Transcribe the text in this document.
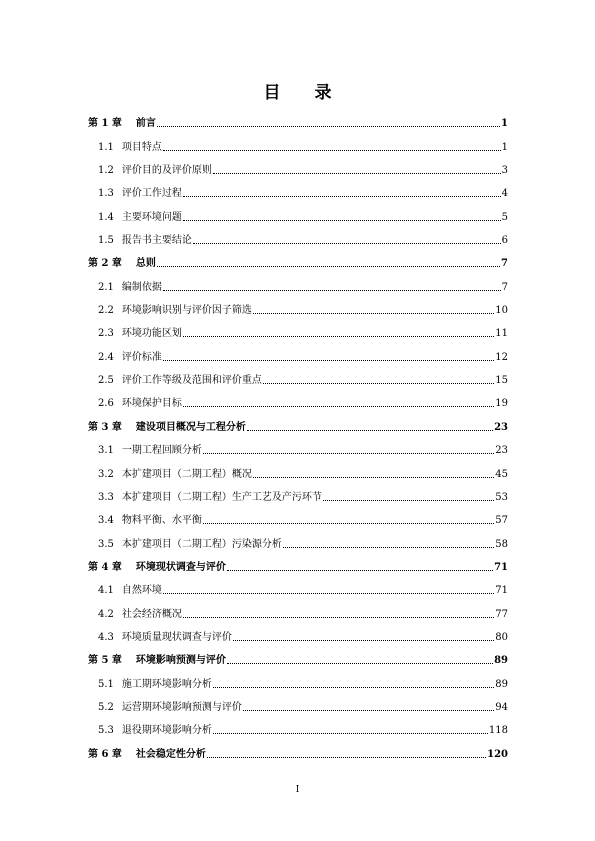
目 录
第 1 章 前言	1
1.1 项目特点	1
1.2 评价目的及评价原则	3
1.3 评价工作过程	4
1.4 主要环境问题	5
1.5 报告书主要结论	6
第 2 章 总则	7
2.1 编制依据	7
2.2 环境影响识别与评价因子筛选	10
2.3 环境功能区划	11
2.4 评价标准	12
2.5 评价工作等级及范围和评价重点	15
2.6 环境保护目标	19
第 3 章 建设项目概况与工程分析	23
3.1 一期工程回顾分析	23
3.2 本扩建项目（二期工程）概况	45
3.3 本扩建项目（二期工程）生产工艺及产污环节	53
3.4 物料平衡、水平衡	57
3.5 本扩建项目（二期工程）污染源分析	58
第 4 章 环境现状调查与评价	71
4.1 自然环境	71
4.2 社会经济概况	77
4.3 环境质量现状调查与评价	80
第 5 章 环境影响预测与评价	89
5.1 施工期环境影响分析	89
5.2 运营期环境影响预测与评价	94
5.3 退役期环境影响分析	118
第 6 章 社会稳定性分析	120
I
